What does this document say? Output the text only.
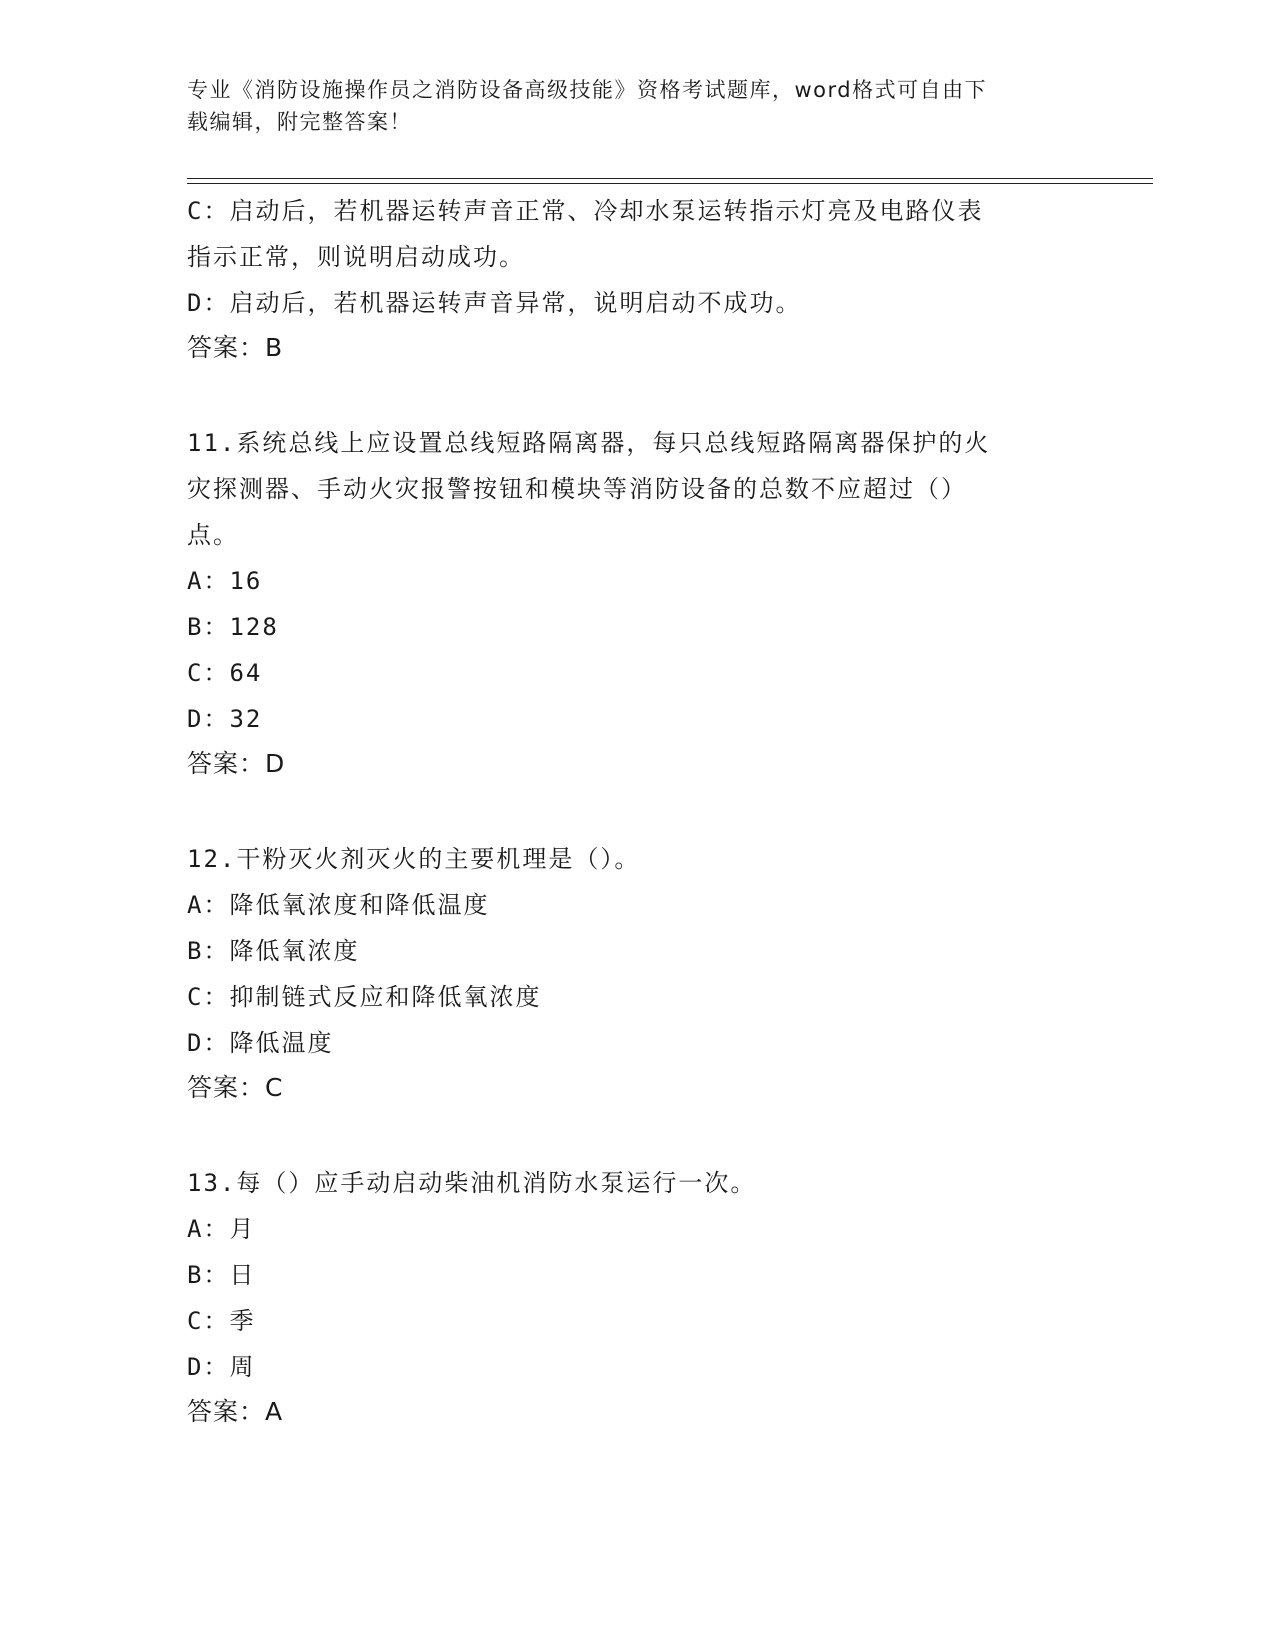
专业《消防设施操作员之消防设备高级技能》资格考试题库，word格式可自由下
载编辑，附完整答案！
C：启动后，若机器运转声音正常、冷却水泵运转指示灯亮及电路仪表
指示正常，则说明启动成功。
D：启动后，若机器运转声音异常，说明启动不成功。
答案：B
11.系统总线上应设置总线短路隔离器，每只总线短路隔离器保护的火
灾探测器、手动火灾报警按钮和模块等消防设备的总数不应超过（）
点。
A：16
B：128
C：64
D：32
答案：D
12.干粉灭火剂灭火的主要机理是（）。
A：降低氧浓度和降低温度
B：降低氧浓度
C：抑制链式反应和降低氧浓度
D：降低温度
答案：C
13.每（）应手动启动柴油机消防水泵运行一次。
A：月
B：日
C：季
D：周
答案：A
